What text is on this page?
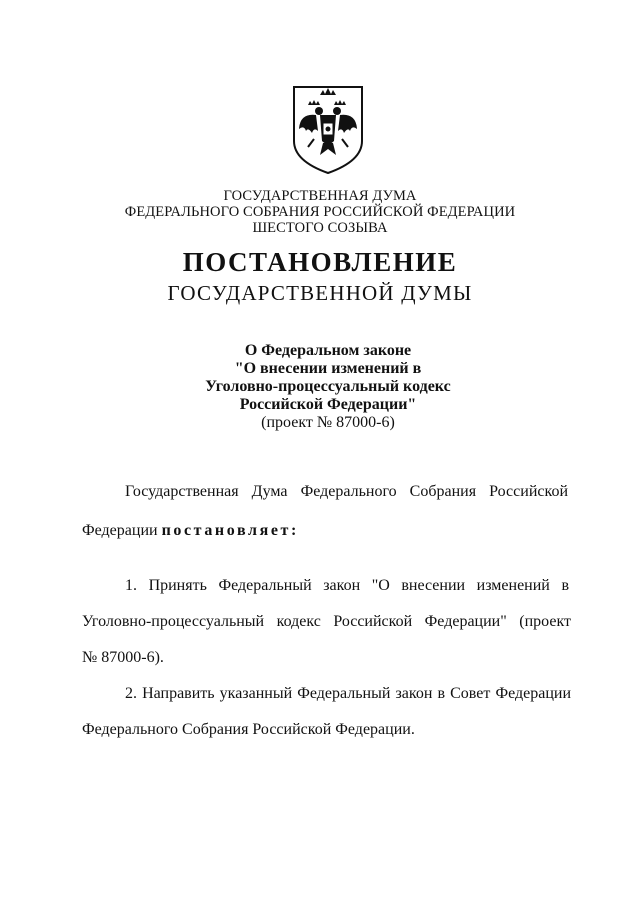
ГОСУДАРСТВЕННАЯ ДУМА
ФЕДЕРАЛЬНОГО СОБРАНИЯ РОССИЙСКОЙ ФЕДЕРАЦИИ
ШЕСТОГО СОЗЫВА
ПОСТАНОВЛЕНИЕ
ГОСУДАРСТВЕННОЙ ДУМЫ
О Федеральном законе
"О внесении изменений в
Уголовно-процессуальный кодекс
Российской Федерации"
(проект № 87000-6)
Государственная Дума Федерального Собрания Российской
Федерации постановляет:
1. Принять Федеральный закон "О внесении изменений в
Уголовно-процессуальный кодекс Российской Федерации" (проект
№ 87000-6).
2. Направить указанный Федеральный закон в Совет Федерации
Федерального Собрания Российской Федерации.
